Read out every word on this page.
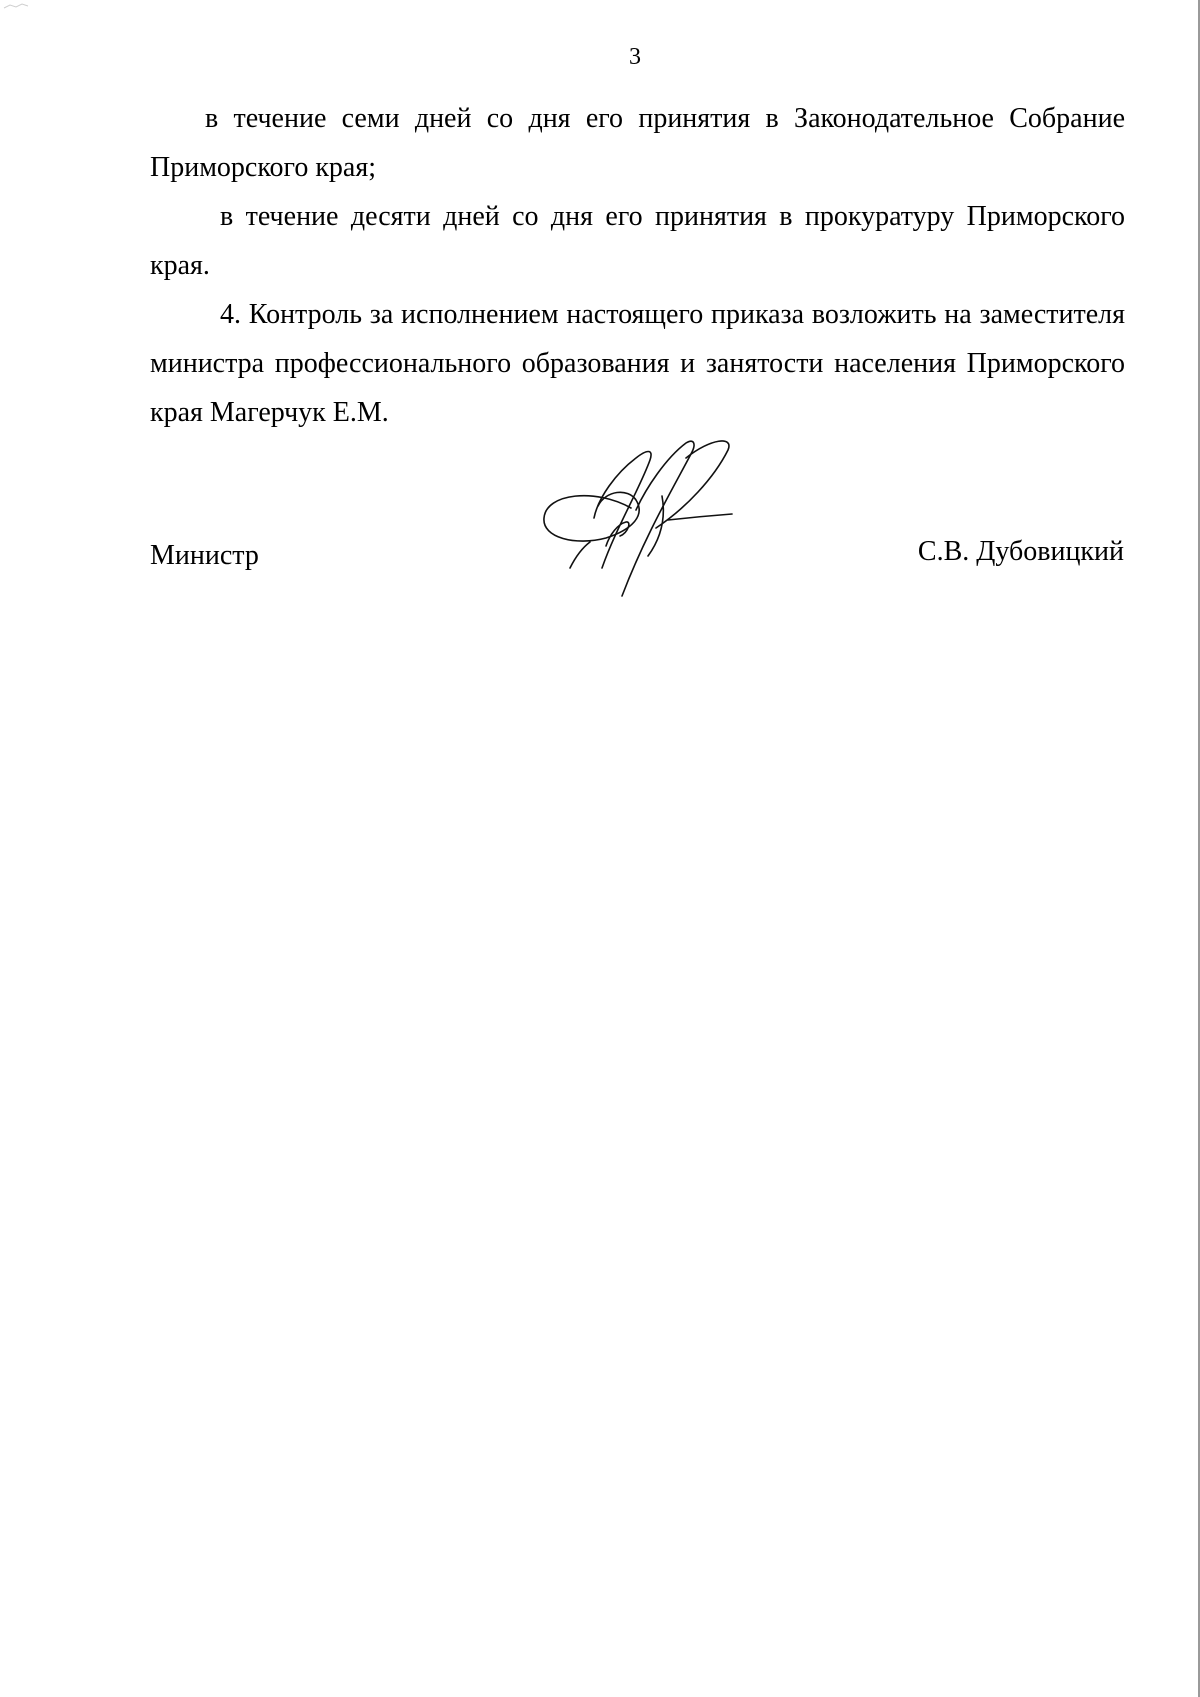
3

в течение семи дней со дня его принятия в Законодательное Собрание Приморского края;

в течение десяти дней со дня его принятия в прокуратуру Приморского края.

4. Контроль за исполнением настоящего приказа возложить на заместителя министра профессионального образования и занятости населения Приморского края Магерчук Е.М.

Министр	С.В. Дубовицкий
